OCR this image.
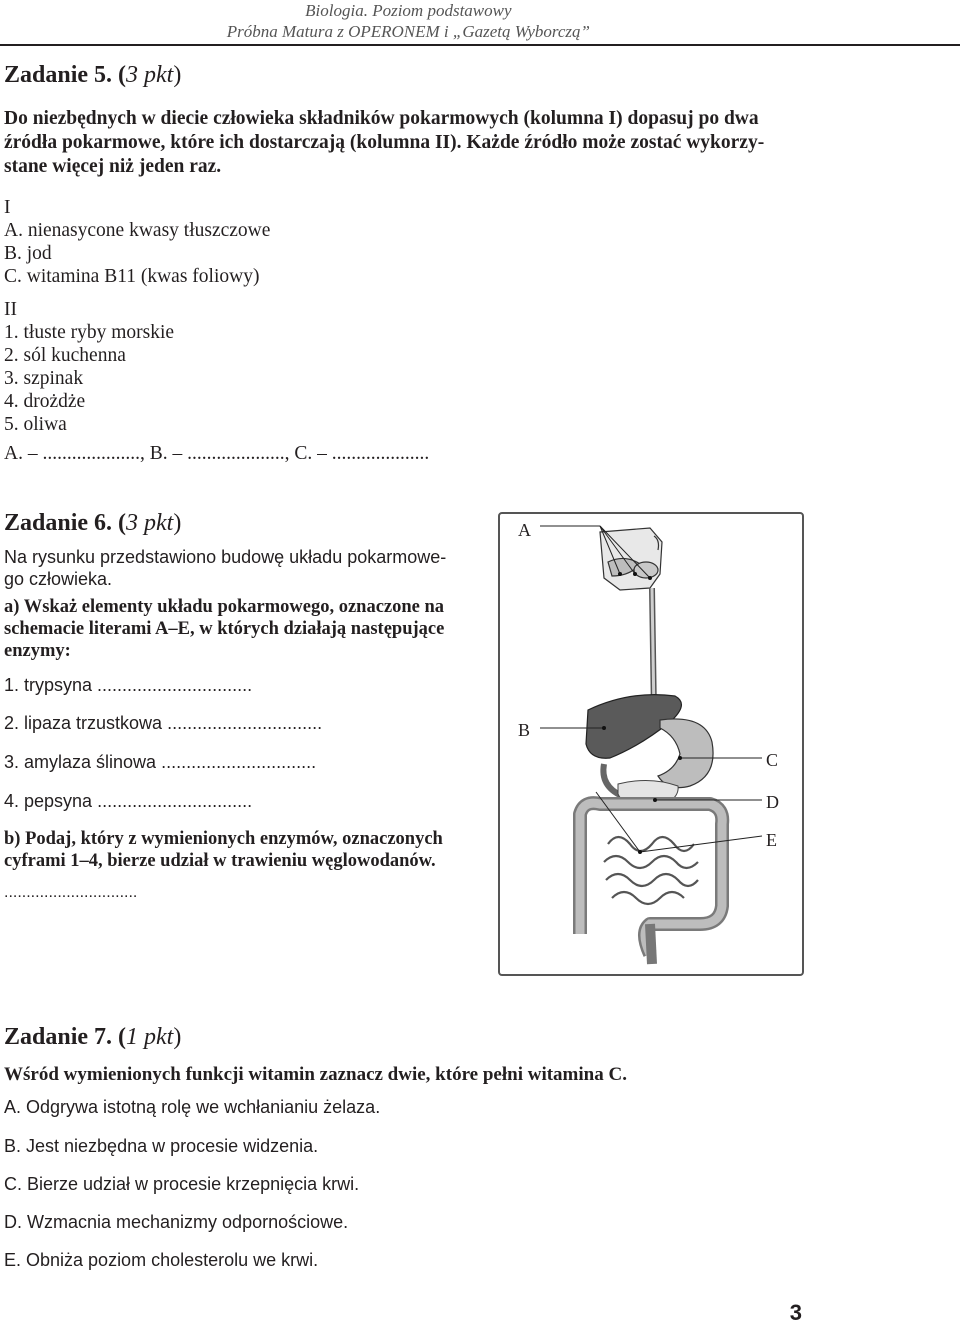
Biologia. Poziom podstawowy
Próbna Matura z OPERONEM i „Gazetą Wyborczą”
Zadanie 5. (3 pkt)
Do niezbędnych w diecie człowieka składników pokarmowych (kolumna I) dopasuj po dwa
źródła pokarmowe, które ich dostarczają (kolumna II). Każde źródło może zostać wykorzy-
stane więcej niż jeden raz.
I
A. nienasycone kwasy tłuszczowe
B. jod
C. witamina B11 (kwas foliowy)
II
1. tłuste ryby morskie
2. sól kuchenna
3. szpinak
4. drożdże
5. oliwa
A. – ...................., B. – ...................., C. – ....................
Zadanie 6. (3 pkt)
Na rysunku przedstawiono budowę układu pokarmowe-
go człowieka.
a) Wskaż elementy układu pokarmowego, oznaczone na
schemacie literami A–E, w których działają następujące
enzymy:
1. trypsyna ...............................
2. lipaza trzustkowa ...............................
3. amylaza ślinowa ...............................
4. pepsyna ...............................
b) Podaj, który z wymienionych enzymów, oznaczonych
cyframi 1–4, bierze udział w trawieniu węglowodanów.
..............................
A
B
C
D
E
Zadanie 7. (1 pkt)
Wśród wymienionych funkcji witamin zaznacz dwie, które pełni witamina C.
A. Odgrywa istotną rolę we wchłanianiu żelaza.
B. Jest niezbędna w procesie widzenia.
C. Bierze udział w procesie krzepnięcia krwi.
D. Wzmacnia mechanizmy odpornościowe.
E. Obniża poziom cholesterolu we krwi.
3
